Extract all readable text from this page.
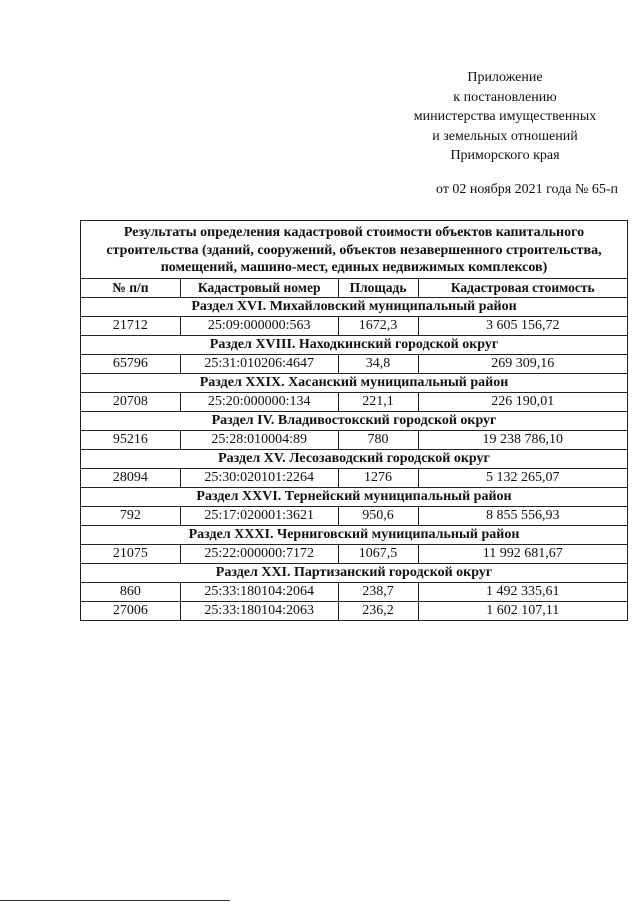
Приложение
к постановлению
министерства имущественных
и земельных отношений
Приморского края
от 02 ноября 2021 года № 65-п
Результаты определения кадастровой стоимости объектов капитального строительства (зданий, сооружений, объектов незавершенного строительства, помещений, машино-мест, единых недвижимых комплексов)			
№ п/п	Кадастровый номер	Площадь	Кадастровая стоимость
Раздел XVI. Михайловский муниципальный район			
21712	25:09:000000:563	1672,3	3 605 156,72
Раздел XVIII. Находкинский городской округ			
65796	25:31:010206:4647	34,8	269 309,16
Раздел XXIX. Хасанский муниципальный район			
20708	25:20:000000:134	221,1	226 190,01
Раздел IV. Владивостокский городской округ			
95216	25:28:010004:89	780	19 238 786,10
Раздел XV. Лесозаводский городской округ			
28094	25:30:020101:2264	1276	5 132 265,07
Раздел XXVI. Тернейский муниципальный район			
792	25:17:020001:3621	950,6	8 855 556,93
Раздел XXXI. Черниговский муниципальный район			
21075	25:22:000000:7172	1067,5	11 992 681,67
Раздел XXI. Партизанский городской округ			
860	25:33:180104:2064	238,7	1 492 335,61
27006	25:33:180104:2063	236,2	1 602 107,11
